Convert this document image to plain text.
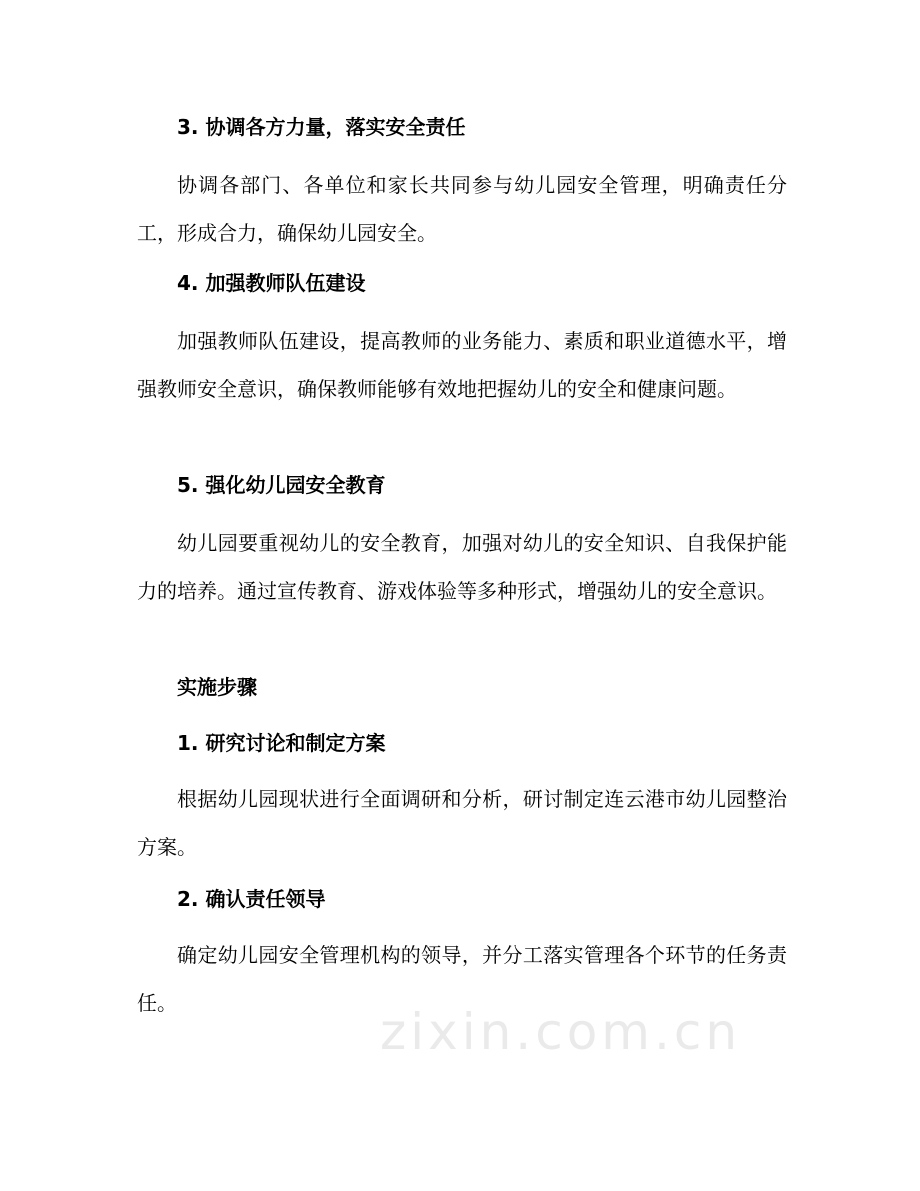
3. 协调各方力量，落实安全责任

协调各部门、各单位和家长共同参与幼儿园安全管理，明确责任分工，形成合力，确保幼儿园安全。

4. 加强教师队伍建设

加强教师队伍建设，提高教师的业务能力、素质和职业道德水平，增强教师安全意识，确保教师能够有效地把握幼儿的安全和健康问题。

5. 强化幼儿园安全教育

幼儿园要重视幼儿的安全教育，加强对幼儿的安全知识、自我保护能力的培养。通过宣传教育、游戏体验等多种形式，增强幼儿的安全意识。

实施步骤
1. 研究讨论和制定方案

根据幼儿园现状进行全面调研和分析，研讨制定连云港市幼儿园整治方案。

2. 确认责任领导

确定幼儿园安全管理机构的领导，并分工落实管理各个环节的任务责任。	zixin.com.cn
